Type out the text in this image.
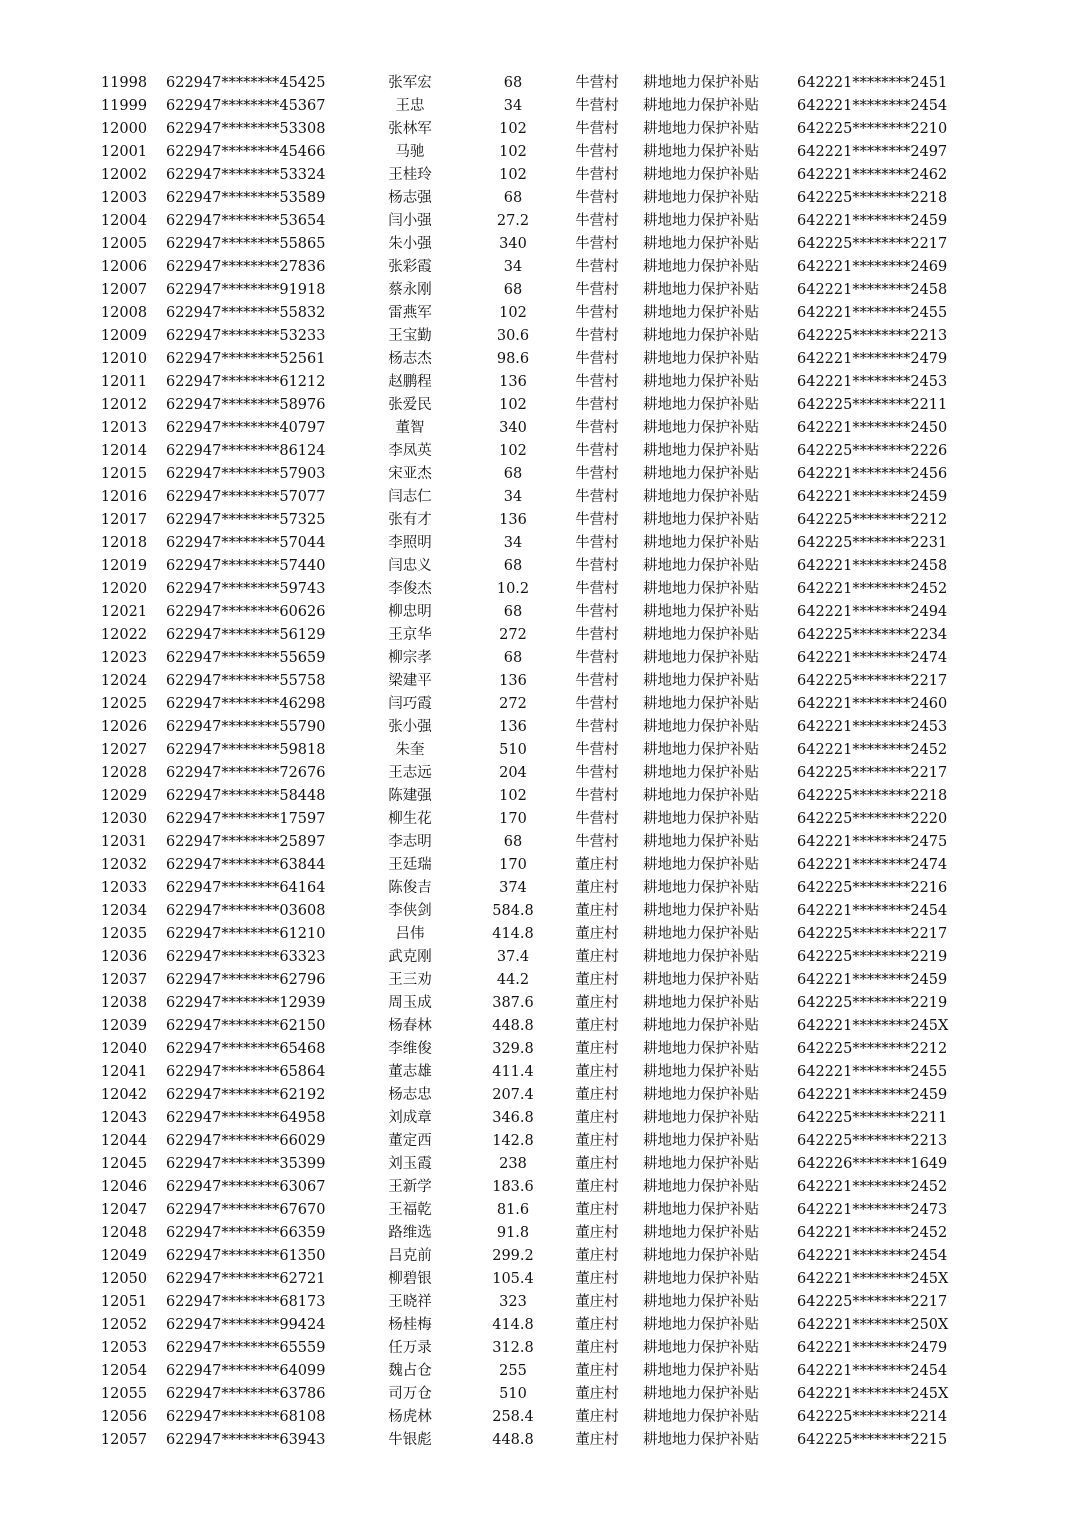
11998	622947********45425	张军宏	68	牛营村	耕地地力保护补贴	642221********2451
11999	622947********45367	王忠	34	牛营村	耕地地力保护补贴	642221********2454
12000	622947********53308	张林军	102	牛营村	耕地地力保护补贴	642225********2210
12001	622947********45466	马驰	102	牛营村	耕地地力保护补贴	642221********2497
12002	622947********53324	王桂玲	102	牛营村	耕地地力保护补贴	642221********2462
12003	622947********53589	杨志强	68	牛营村	耕地地力保护补贴	642225********2218
12004	622947********53654	闫小强	27.2	牛营村	耕地地力保护补贴	642221********2459
12005	622947********55865	朱小强	340	牛营村	耕地地力保护补贴	642225********2217
12006	622947********27836	张彩霞	34	牛营村	耕地地力保护补贴	642221********2469
12007	622947********91918	蔡永刚	68	牛营村	耕地地力保护补贴	642221********2458
12008	622947********55832	雷燕军	102	牛营村	耕地地力保护补贴	642221********2455
12009	622947********53233	王宝勤	30.6	牛营村	耕地地力保护补贴	642225********2213
12010	622947********52561	杨志杰	98.6	牛营村	耕地地力保护补贴	642221********2479
12011	622947********61212	赵鹏程	136	牛营村	耕地地力保护补贴	642221********2453
12012	622947********58976	张爱民	102	牛营村	耕地地力保护补贴	642225********2211
12013	622947********40797	董智	340	牛营村	耕地地力保护补贴	642221********2450
12014	622947********86124	李凤英	102	牛营村	耕地地力保护补贴	642225********2226
12015	622947********57903	宋亚杰	68	牛营村	耕地地力保护补贴	642221********2456
12016	622947********57077	闫志仁	34	牛营村	耕地地力保护补贴	642221********2459
12017	622947********57325	张有才	136	牛营村	耕地地力保护补贴	642225********2212
12018	622947********57044	李照明	34	牛营村	耕地地力保护补贴	642225********2231
12019	622947********57440	闫忠义	68	牛营村	耕地地力保护补贴	642221********2458
12020	622947********59743	李俊杰	10.2	牛营村	耕地地力保护补贴	642221********2452
12021	622947********60626	柳忠明	68	牛营村	耕地地力保护补贴	642221********2494
12022	622947********56129	王京华	272	牛营村	耕地地力保护补贴	642225********2234
12023	622947********55659	柳宗孝	68	牛营村	耕地地力保护补贴	642221********2474
12024	622947********55758	梁建平	136	牛营村	耕地地力保护补贴	642225********2217
12025	622947********46298	闫巧霞	272	牛营村	耕地地力保护补贴	642221********2460
12026	622947********55790	张小强	136	牛营村	耕地地力保护补贴	642221********2453
12027	622947********59818	朱奎	510	牛营村	耕地地力保护补贴	642221********2452
12028	622947********72676	王志远	204	牛营村	耕地地力保护补贴	642225********2217
12029	622947********58448	陈建强	102	牛营村	耕地地力保护补贴	642225********2218
12030	622947********17597	柳生花	170	牛营村	耕地地力保护补贴	642225********2220
12031	622947********25897	李志明	68	牛营村	耕地地力保护补贴	642221********2475
12032	622947********63844	王廷瑞	170	董庄村	耕地地力保护补贴	642221********2474
12033	622947********64164	陈俊吉	374	董庄村	耕地地力保护补贴	642225********2216
12034	622947********03608	李侠剑	584.8	董庄村	耕地地力保护补贴	642221********2454
12035	622947********61210	吕伟	414.8	董庄村	耕地地力保护补贴	642225********2217
12036	622947********63323	武克刚	37.4	董庄村	耕地地力保护补贴	642225********2219
12037	622947********62796	王三劝	44.2	董庄村	耕地地力保护补贴	642221********2459
12038	622947********12939	周玉成	387.6	董庄村	耕地地力保护补贴	642225********2219
12039	622947********62150	杨春林	448.8	董庄村	耕地地力保护补贴	642221********245X
12040	622947********65468	李维俊	329.8	董庄村	耕地地力保护补贴	642225********2212
12041	622947********65864	董志雄	411.4	董庄村	耕地地力保护补贴	642221********2455
12042	622947********62192	杨志忠	207.4	董庄村	耕地地力保护补贴	642221********2459
12043	622947********64958	刘成章	346.8	董庄村	耕地地力保护补贴	642225********2211
12044	622947********66029	董定西	142.8	董庄村	耕地地力保护补贴	642225********2213
12045	622947********35399	刘玉霞	238	董庄村	耕地地力保护补贴	642226********1649
12046	622947********63067	王新学	183.6	董庄村	耕地地力保护补贴	642221********2452
12047	622947********67670	王福乾	81.6	董庄村	耕地地力保护补贴	642221********2473
12048	622947********66359	路维选	91.8	董庄村	耕地地力保护补贴	642221********2452
12049	622947********61350	吕克前	299.2	董庄村	耕地地力保护补贴	642221********2454
12050	622947********62721	柳碧银	105.4	董庄村	耕地地力保护补贴	642221********245X
12051	622947********68173	王晓祥	323	董庄村	耕地地力保护补贴	642225********2217
12052	622947********99424	杨桂梅	414.8	董庄村	耕地地力保护补贴	642221********250X
12053	622947********65559	任万录	312.8	董庄村	耕地地力保护补贴	642221********2479
12054	622947********64099	魏占仓	255	董庄村	耕地地力保护补贴	642221********2454
12055	622947********63786	司万仓	510	董庄村	耕地地力保护补贴	642221********245X
12056	622947********68108	杨虎林	258.4	董庄村	耕地地力保护补贴	642225********2214
12057	622947********63943	牛银彪	448.8	董庄村	耕地地力保护补贴	642225********2215
